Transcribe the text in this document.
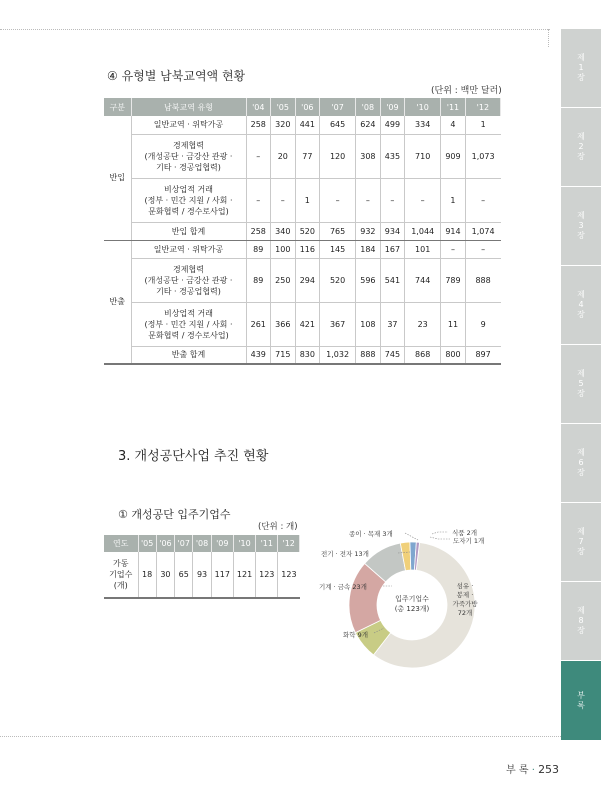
제1장
제2장
제3장
제4장
제5장
제6장
제7장
제8장
부록
④ 유형별 남북교역액 현황
(단위 : 백만 달러)
구분	남북교역 유형	'04	'05	'06	'07	'08	'09	'10	'11	'12
반입	일반교역 · 위탁가공	258	320	441	645	624	499	334	4	1
	경제협력
(개성공단 · 금강산 관광 ·
기타 · 경공업협력)	–	20	77	120	308	435	710	909	1,073
	비상업적 거래
(정부 · 민간 지원 / 사회 ·
문화협력 / 경수로사업)	–	–	1	–	–	–	–	1	–
	반입 합계	258	340	520	765	932	934	1,044	914	1,074
반출	일반교역 · 위탁가공	89	100	116	145	184	167	101	–	–
	경제협력
(개성공단 · 금강산 관광 ·
기타 · 경공업협력)	89	250	294	520	596	541	744	789	888
	비상업적 거래
(정부 · 민간 지원 / 사회 ·
문화협력 / 경수로사업)	261	366	421	367	108	37	23	11	9
	반출 합계	439	715	830	1,032	888	745	868	800	897
3. 개성공단사업 추진 현황
① 개성공단 입주기업수
(단위 : 개)
연도	'05	'06	'07	'08	'09	'10	'11	'12
가동
기업수
(개)	18	30	65	93	117	121	123	123
입주기업수
(총 123개)
종이 · 목재 3개
전기 · 전자 13개
기계 · 금속 23개
화학 9개
식품 2개
도자기 1개
섬유 ·
봉제 ·
가죽가방
72개
부 록 · 253
